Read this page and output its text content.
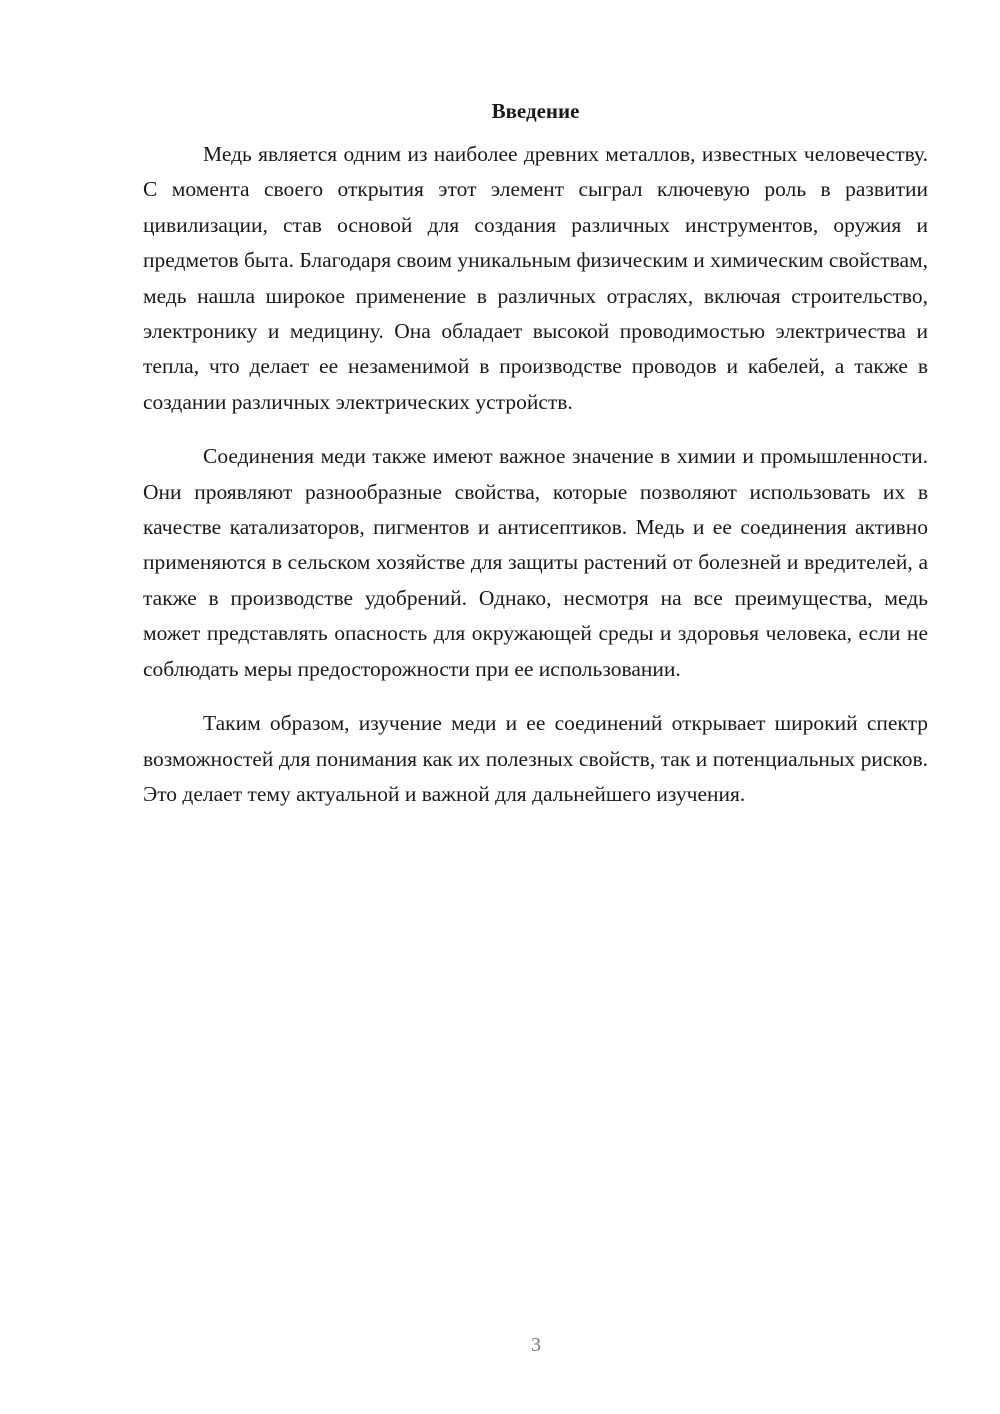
Введение

Медь является одним из наиболее древних металлов, известных человечеству. С момента своего открытия этот элемент сыграл ключевую роль в развитии цивилизации, став основой для создания различных инструментов, оружия и предметов быта. Благодаря своим уникальным физическим и химическим свойствам, медь нашла широкое применение в различных отраслях, включая строительство, электронику и медицину. Она обладает высокой проводимостью электричества и тепла, что делает ее незаменимой в производстве проводов и кабелей, а также в создании различных электрических устройств.

Соединения меди также имеют важное значение в химии и промышленности. Они проявляют разнообразные свойства, которые позволяют использовать их в качестве катализаторов, пигментов и антисептиков. Медь и ее соединения активно применяются в сельском хозяйстве для защиты растений от болезней и вредителей, а также в производстве удобрений. Однако, несмотря на все преимущества, медь может представлять опасность для окружающей среды и здоровья человека, если не соблюдать меры предосторожности при ее использовании.

Таким образом, изучение меди и ее соединений открывает широкий спектр возможностей для понимания как их полезных свойств, так и потенциальных рисков. Это делает тему актуальной и важной для дальнейшего изучения.

3
